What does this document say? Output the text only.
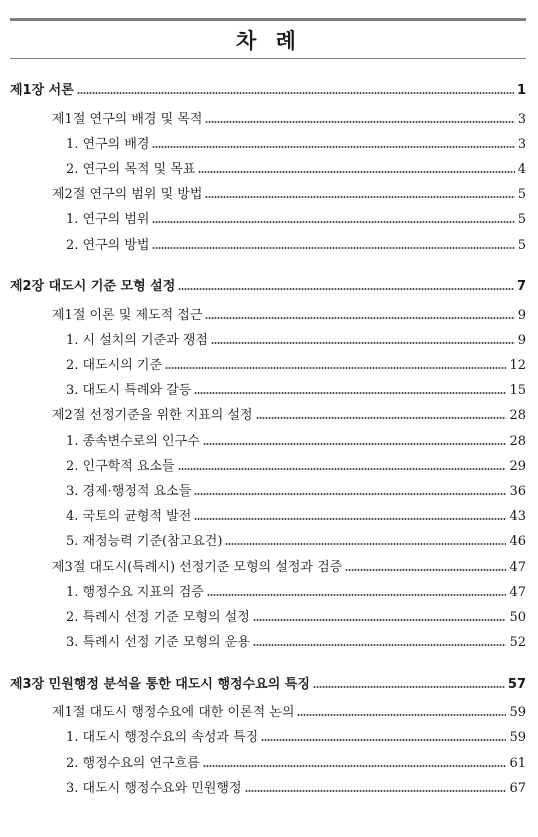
차 례
제1장 서론	1
제1절 연구의 배경 및 목적	3
1. 연구의 배경	3
2. 연구의 목적 및 목표	4
제2절 연구의 범위 및 방법	5
1. 연구의 범위	5
2. 연구의 방법	5
제2장 대도시 기준 모형 설정	7
제1절 이론 및 제도적 접근	9
1. 시 설치의 기준과 쟁점	9
2. 대도시의 기준	12
3. 대도시 특례와 갈등	15
제2절 선정기준을 위한 지표의 설정	28
1. 종속변수로의 인구수	28
2. 인구학적 요소들	29
3. 경제·행정적 요소들	36
4. 국토의 균형적 발전	43
5. 재정능력 기준(참고요건)	46
제3절 대도시(특례시) 선정기준 모형의 설정과 검증	47
1. 행정수요 지표의 검증	47
2. 특례시 선정 기준 모형의 설정	50
3. 특례시 선정 기준 모형의 운용	52
제3장 민원행정 분석을 통한 대도시 행정수요의 특징	57
제1절 대도시 행정수요에 대한 이론적 논의	59
1. 대도시 행정수요의 속성과 특징	59
2. 행정수요의 연구흐름	61
3. 대도시 행정수요와 민원행정	67
